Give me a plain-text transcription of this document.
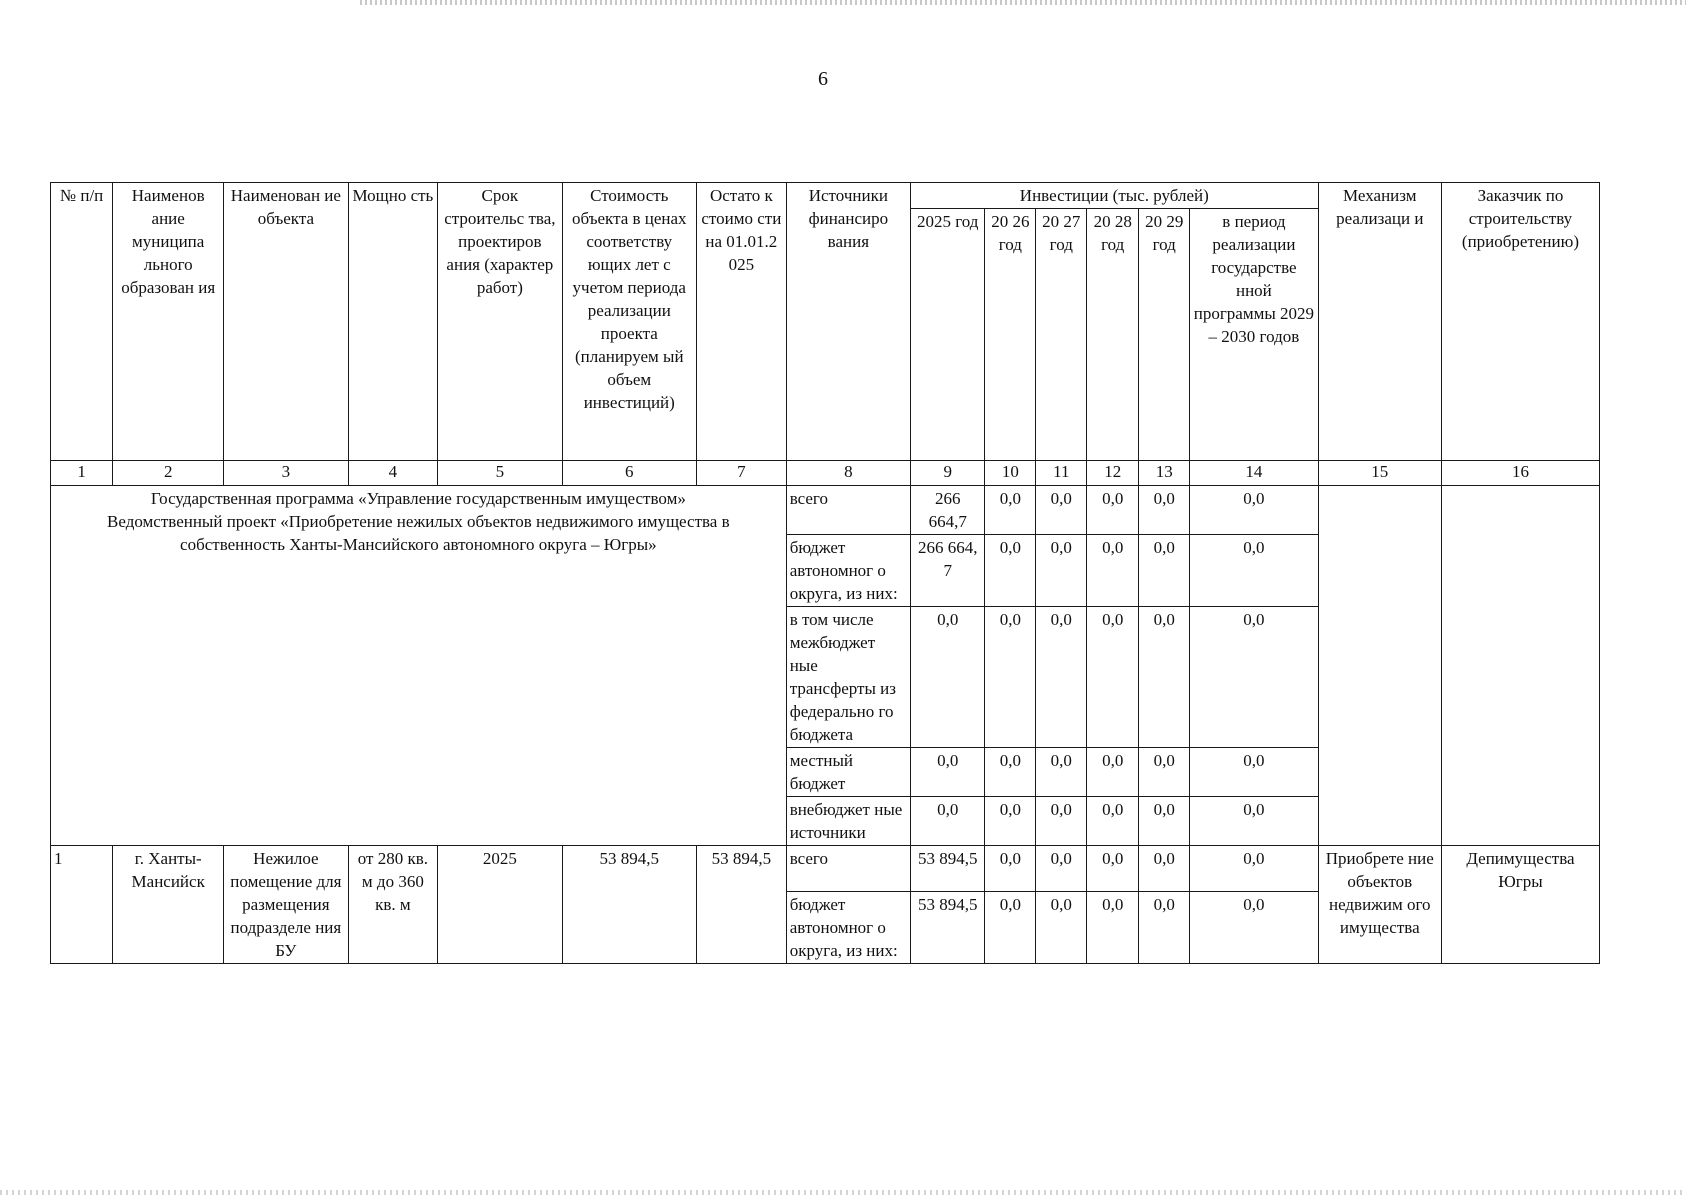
6
№ п/п	Наименов ание муниципа льного образован ия	Наименован ие объекта	Мощно сть	Срок строительс тва, проектиров ания (характер работ)	Стоимость объекта в ценах соответству ющих лет с учетом периода реализации проекта (планируем ый объем инвестиций)	Остато к стоимо сти на 01.01.2 025	Источники финансиро вания	Инвестиции (тыс. рублей)						Механизм реализаци и	Заказчик по строительству (приобретению)
								2025 год	20 26 год	20 27 год	20 28 год	20 29 год	в период реализации государстве нной программы 2029 – 2030 годов		
1	2	3	4	5	6	7	8	9	10	11	12	13	14	15	16

Государственная программа «Управление государственным имуществом»
Ведомственный проект «Приобретение нежилых объектов недвижимого имущества в собственность Ханты-Мансийского автономного округа – Югры»							всего	266 664,7	0,0	0,0	0,0	0,0	0,0		
							бюджет автономног о округа, из них:	266 664,7	0,0	0,0	0,0	0,0	0,0		
							в том числе межбюджет ные трансферты из федерально го бюджета	0,0	0,0	0,0	0,0	0,0	0,0		
							местный бюджет	0,0	0,0	0,0	0,0	0,0	0,0		
							внебюджет ные источники	0,0	0,0	0,0	0,0	0,0	0,0		
1	г. Ханты-Мансийск	Нежилое помещение для размещения подразделе ния БУ	от 280 кв. м до 360 кв. м	2025	53 894,5	53 894,5	всего	53 894,5	0,0	0,0	0,0	0,0	0,0	Приобрете ние объектов недвижим ого имущества	Депимущества Югры
							бюджет автономног о округа, из них:	53 894,5	0,0	0,0	0,0	0,0	0,0		
